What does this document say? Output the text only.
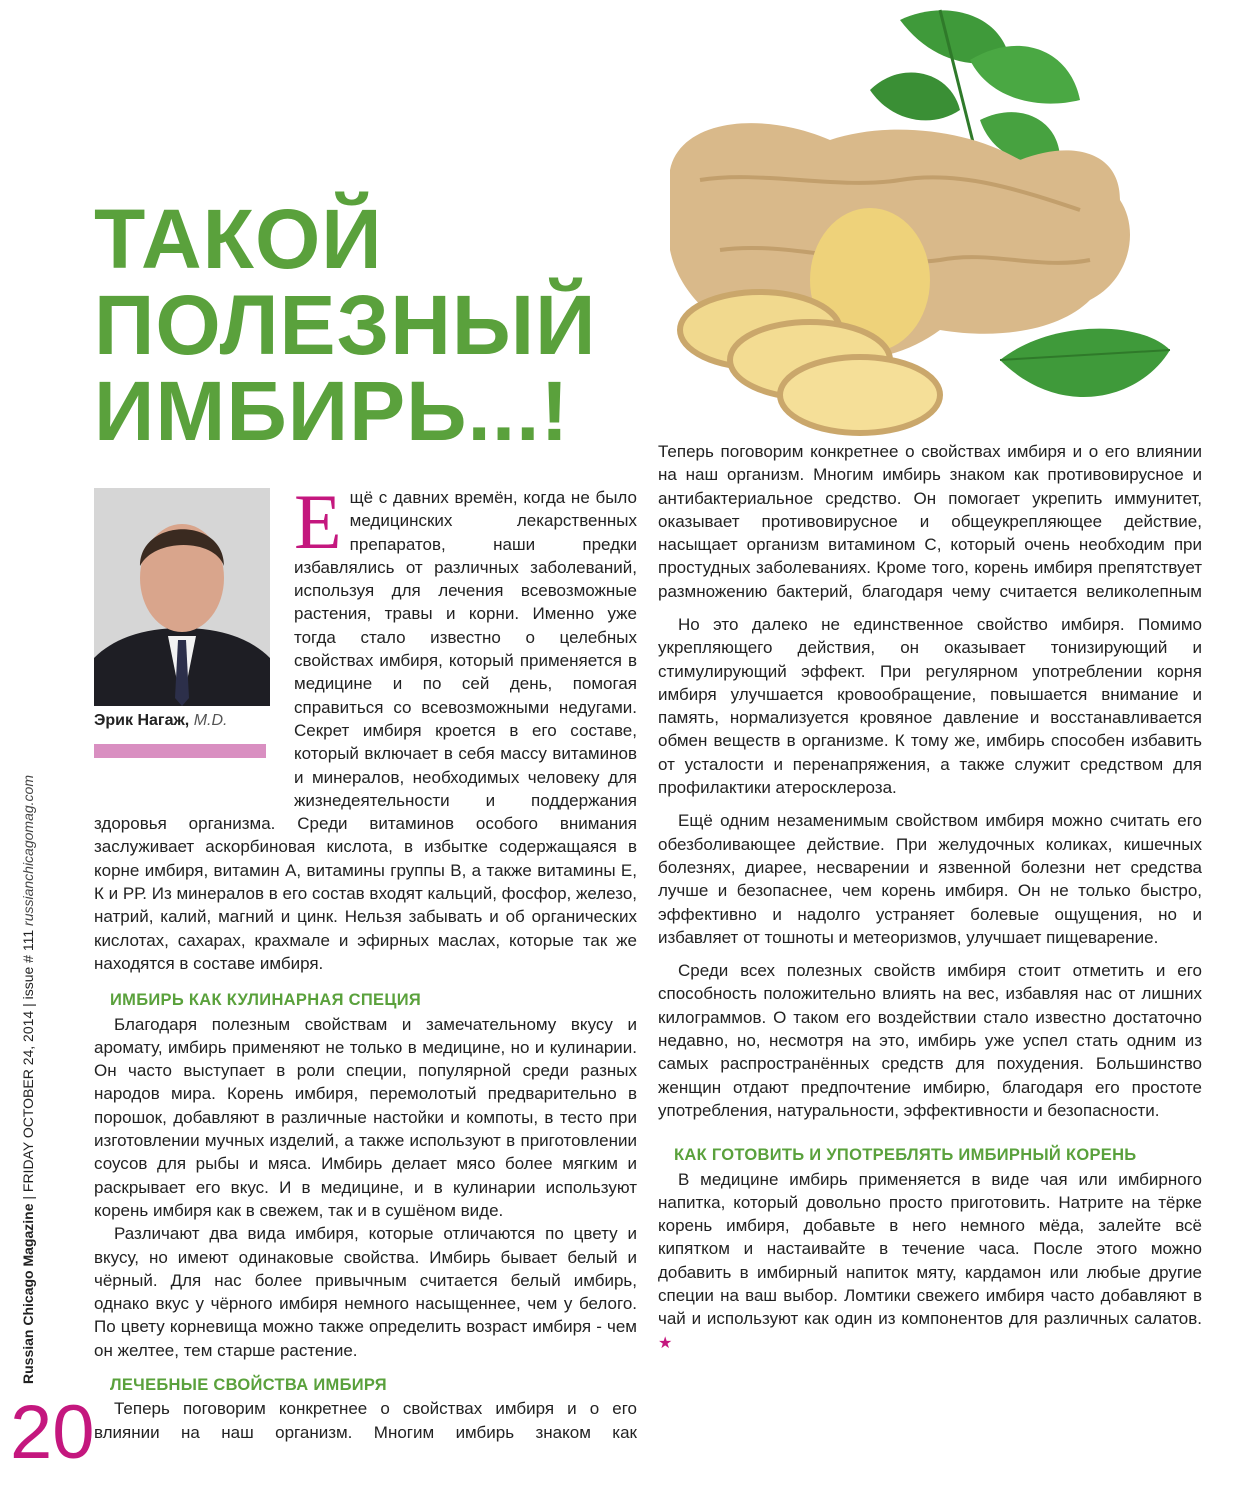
Russian Chicago Magazine | FRIDAY OCTOBER 24, 2014 | issue # 111 russianchicagomag.com
20
ТАКОЙ
ПОЛЕЗНЫЙ
ИМБИРЬ...!
Эрик Нагаж, M.D.

Ещё с давних времён, когда не было медицинских лекарственных препаратов, наши предки избавлялись от различных заболеваний, используя для лечения всевозможные растения, травы и корни. Именно уже тогда стало известно о целебных свойствах имбиря, который применяется в медицине и по сей день, помогая справиться со всевозможными недугами. Секрет имбиря кроется в его составе, который включает в себя массу витаминов и минералов, необходимых человеку для жизнедеятельности и поддержания здоровья организма. Среди витаминов особого внимания заслуживает аскорбиновая кислота, в избытке содержащаяся в корне имбиря, витамин А, витамины группы В, а также витамины Е, К и РР. Из минералов в его состав входят кальций, фосфор, железо, натрий, калий, магний и цинк. Нельзя забывать и об органических кислотах, сахарах, крахмале и эфирных маслах, которые так же находятся в составе имбиря.

ИМБИРЬ КАК КУЛИНАРНАЯ СПЕЦИЯ

Благодаря полезным свойствам и замечательному вкусу и аромату, имбирь применяют не только в медицине, но и кулинарии. Он часто выступает в роли специи, популярной среди разных народов мира. Корень имбиря, перемолотый предварительно в порошок, добавляют в различные настойки и компоты, в тесто при изготовлении мучных изделий, а также используют в приготовлении соусов для рыбы и мяса. Имбирь делает мясо более мягким и раскрывает его вкус. И в медицине, и в кулинарии используют корень имбиря как в свежем, так и в сушёном виде.

Различают два вида имбиря, которые отличаются по цвету и вкусу, но имеют одинаковые свойства. Имбирь бывает белый и чёрный. Для нас более привычным считается белый имбирь, однако вкус у чёрного имбиря немного насыщеннее, чем у белого. По цвету корневища можно также определить возраст имбиря - чем он желтее, тем старше растение.

ЛЕЧЕБНЫЕ СВОЙСТВА ИМБИРЯ

Теперь поговорим конкретнее о свойствах имбиря и о его влиянии на наш организм. Многим имбирь знаком как

Теперь поговорим конкретнее о свойствах имбиря и о его влиянии на наш организм. Многим имбирь знаком как противовирусное и антибактериальное средство. Он помогает укрепить иммунитет, оказывает противовирусное и общеукрепляющее действие, насыщает организм витамином С, который очень необходим при простудных заболеваниях. Кроме того, корень имбиря препятствует размножению бактерий, благодаря чему считается великолепным

Но это далеко не единственное свойство имбиря. Помимо укрепляющего действия, он оказывает тонизирующий и стимулирующий эффект. При регулярном употреблении корня имбиря улучшается кровообращение, повышается внимание и память, нормализуется кровяное давление и восстанавливается обмен веществ в организме. К тому же, имбирь способен избавить от усталости и перенапряжения, а также служит средством для профилактики атеросклероза.

Ещё одним незаменимым свойством имбиря можно считать его обезболивающее действие. При желудочных коликах, кишечных болезнях, диарее, несварении и язвенной болезни нет средства лучше и безопаснее, чем корень имбиря. Он не только быстро, эффективно и надолго устраняет болевые ощущения, но и избавляет от тошноты и метеоризмов, улучшает пищеварение.

Среди всех полезных свойств имбиря стоит отметить и его способность положительно влиять на вес, избавляя нас от лишних килограммов. О таком его воздействии стало известно достаточно недавно, но, несмотря на это, имбирь уже успел стать одним из самых распространённых средств для похудения. Большинство женщин отдают предпочтение имбирю, благодаря его простоте употребления, натуральности, эффективности и безопасности.

КАК ГОТОВИТЬ И УПОТРЕБЛЯТЬ ИМБИРНЫЙ КОРЕНЬ

В медицине имбирь применяется в виде чая или имбирного напитка, который довольно просто приготовить. Натрите на тёрке корень имбиря, добавьте в него немного мёда, залейте всё кипятком и настаивайте в течение часа. После этого можно добавить в имбирный напиток мяту, кардамон или любые другие специи на ваш выбор. Ломтики свежего имбиря часто добавляют в чай и используют как один из компонентов для различных салатов. ★
